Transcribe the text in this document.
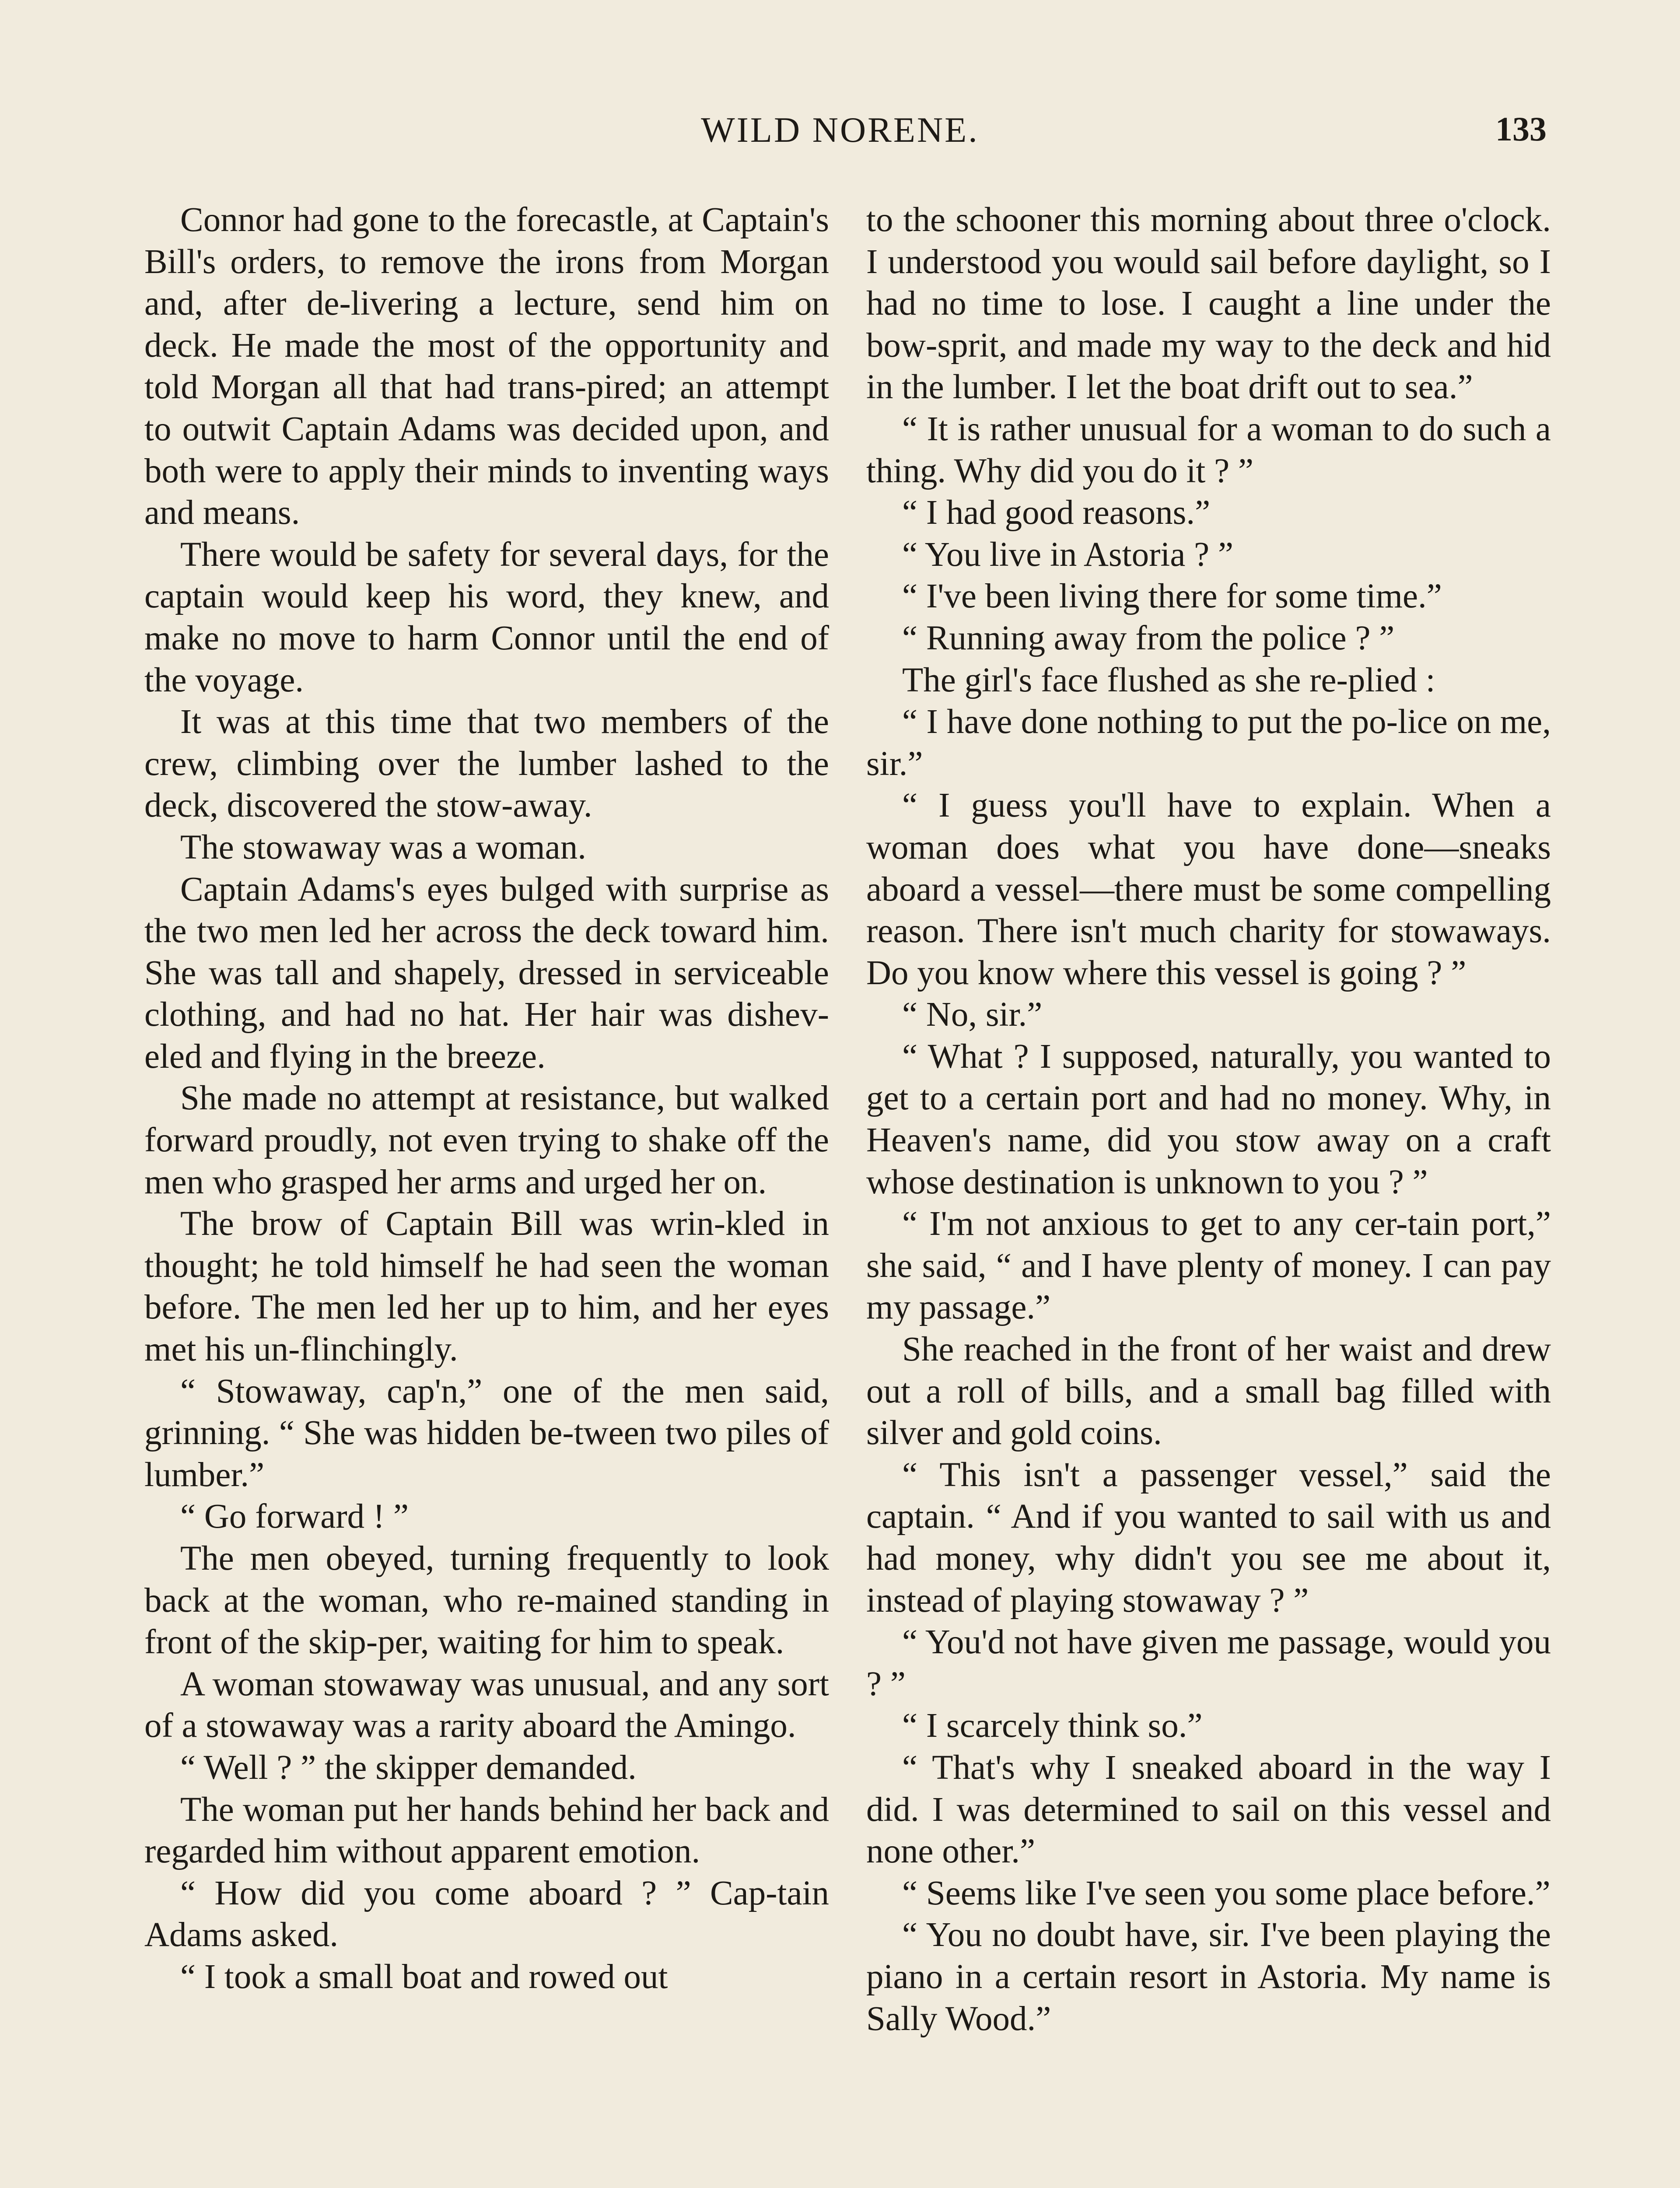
WILD NORENE.	133

Connor had gone to the forecastle, at Captain's Bill's orders, to remove the irons from Morgan and, after de-livering a lecture, send him on deck. He made the most of the opportunity and told Morgan all that had trans-pired; an attempt to outwit Captain Adams was decided upon, and both were to apply their minds to inventing ways and means.

There would be safety for several days, for the captain would keep his word, they knew, and make no move to harm Connor until the end of the voyage.

It was at this time that two members of the crew, climbing over the lumber lashed to the deck, discovered the stow-away.

The stowaway was a woman.

Captain Adams's eyes bulged with surprise as the two men led her across the deck toward him. She was tall and shapely, dressed in serviceable clothing, and had no hat. Her hair was dishev-eled and flying in the breeze.

She made no attempt at resistance, but walked forward proudly, not even trying to shake off the men who grasped her arms and urged her on.

The brow of Captain Bill was wrin-kled in thought; he told himself he had seen the woman before. The men led her up to him, and her eyes met his un-flinchingly.

“ Stowaway, cap'n,” one of the men said, grinning. “ She was hidden be-tween two piles of lumber.”

“ Go forward ! ”

The men obeyed, turning frequently to look back at the woman, who re-mained standing in front of the skip-per, waiting for him to speak.

A woman stowaway was unusual, and any sort of a stowaway was a rarity aboard the Amingo.

“ Well ? ” the skipper demanded.

The woman put her hands behind her back and regarded him without apparent emotion.

“ How did you come aboard ? ” Cap-tain Adams asked.

“ I took a small boat and rowed out

to the schooner this morning about three o'clock. I understood you would sail before daylight, so I had no time to lose. I caught a line under the bow-sprit, and made my way to the deck and hid in the lumber. I let the boat drift out to sea.”

“ It is rather unusual for a woman to do such a thing. Why did you do it ? ”

“ I had good reasons.”

“ You live in Astoria ? ”

“ I've been living there for some time.”

“ Running away from the police ? ”

The girl's face flushed as she re-plied :

“ I have done nothing to put the po-lice on me, sir.”

“ I guess you'll have to explain. When a woman does what you have done—sneaks aboard a vessel—there must be some compelling reason. There isn't much charity for stowaways. Do you know where this vessel is going ? ”

“ No, sir.”

“ What ? I supposed, naturally, you wanted to get to a certain port and had no money. Why, in Heaven's name, did you stow away on a craft whose destination is unknown to you ? ”

“ I'm not anxious to get to any cer-tain port,” she said, “ and I have plenty of money. I can pay my passage.”

She reached in the front of her waist and drew out a roll of bills, and a small bag filled with silver and gold coins.

“ This isn't a passenger vessel,” said the captain. “ And if you wanted to sail with us and had money, why didn't you see me about it, instead of playing stowaway ? ”

“ You'd not have given me passage, would you ? ”

“ I scarcely think so.”

“ That's why I sneaked aboard in the way I did. I was determined to sail on this vessel and none other.”

“ Seems like I've seen you some place before.”

“ You no doubt have, sir. I've been playing the piano in a certain resort in Astoria. My name is Sally Wood.”
